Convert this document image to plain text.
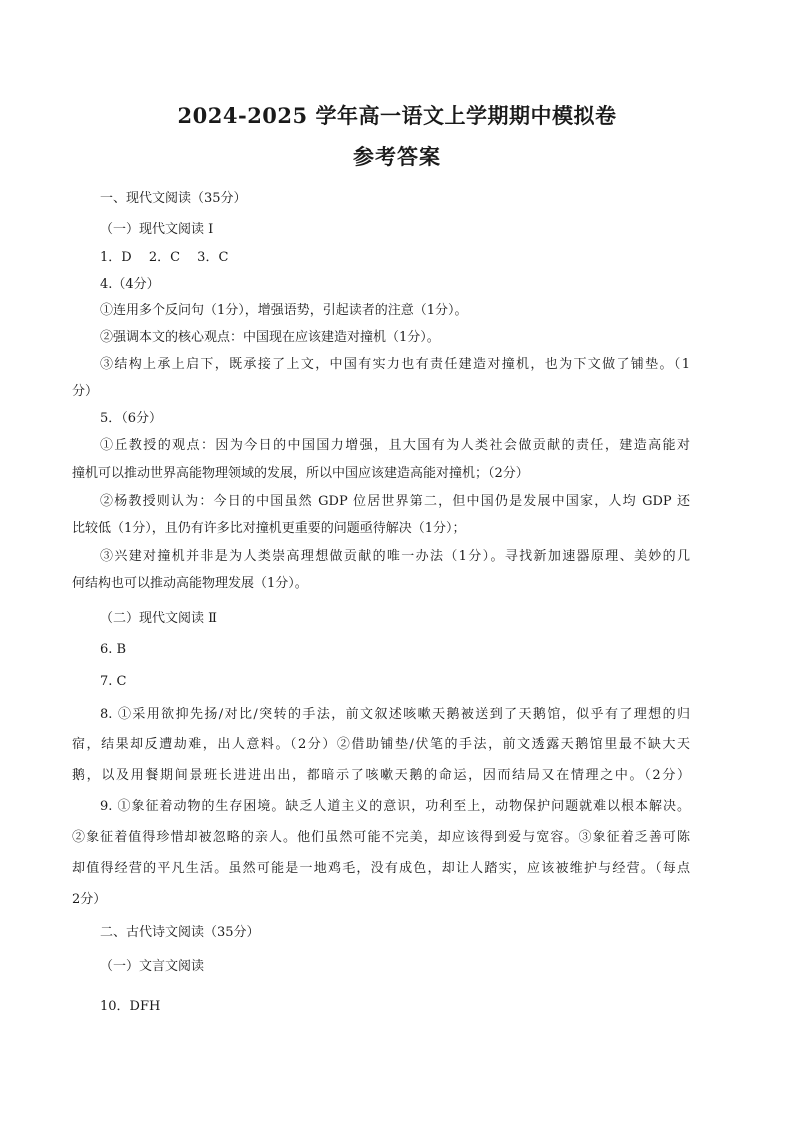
2024-2025 学年高一语文上学期期中模拟卷
参考答案
一、现代文阅读（35分）
（一）现代文阅读 I
1．D　 2．C　 3．C
4.（4分）
①连用多个反问句（1分），增强语势，引起读者的注意（1分）。
②强调本文的核心观点：中国现在应该建造对撞机（1分）。
③结构上承上启下，既承接了上文，中国有实力也有责任建造对撞机，也为下文做了铺垫。（1
分）
5．（6分）
①丘教授的观点：因为今日的中国国力增强，且大国有为人类社会做贡献的责任，建造高能对
撞机可以推动世界高能物理领域的发展，所以中国应该建造高能对撞机；（2分）
②杨教授则认为：今日的中国虽然 GDP 位居世界第二，但中国仍是发展中国家，人均 GDP 还
比较低（1分），且仍有许多比对撞机更重要的问题亟待解决（1分）；
③兴建对撞机并非是为人类崇高理想做贡献的唯一办法（1分）。寻找新加速器原理、美妙的几
何结构也可以推动高能物理发展（1分）。
（二）现代文阅读 Ⅱ
6. B
7. C
8. ①采用欲抑先扬/对比/突转的手法，前文叙述咳嗽天鹅被送到了天鹅馆，似乎有了理想的归
宿，结果却反遭劫难，出人意料。（2分）②借助铺垫/伏笔的手法，前文透露天鹅馆里最不缺大天
鹅，以及用餐期间景班长进进出出，都暗示了咳嗽天鹅的命运，因而结局又在情理之中。（2分）
9. ①象征着动物的生存困境。缺乏人道主义的意识，功利至上，动物保护问题就难以根本解决。
②象征着值得珍惜却被忽略的亲人。他们虽然可能不完美，却应该得到爱与宽容。③象征着乏善可陈
却值得经营的平凡生活。虽然可能是一地鸡毛，没有成色，却让人踏实，应该被维护与经营。（每点
2分）
二、古代诗文阅读（35分）
（一）文言文阅读
10．DFH
